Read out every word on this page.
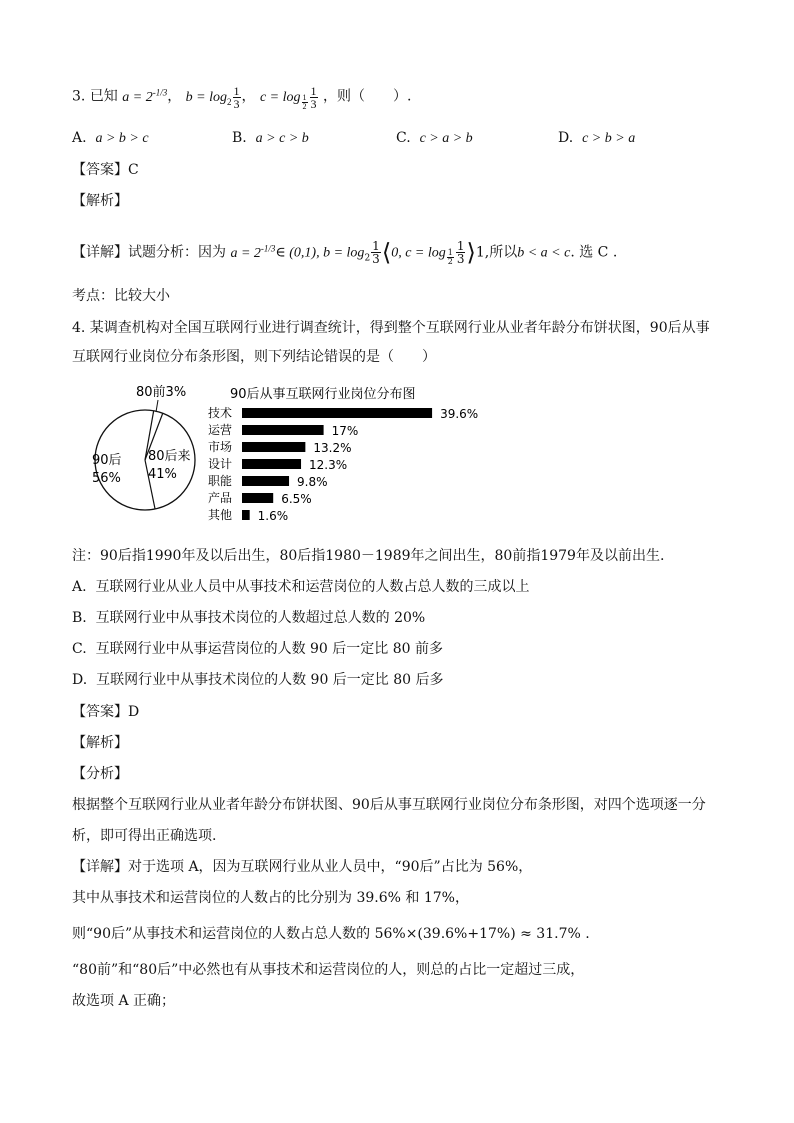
3. 已知 $a = 2^{-1/3}$， $b = \log_2 \frac{1}{3}$ ， $c = \log _{\frac{1}{2}} \frac{1}{3}$ ，则（　　）.
A. a > b > c	B. a > c > b	C. c > a > b	D. c > b > a
【答案】C
【解析】
【详解】试题分析：因为 $a = 2^{-1/3}\in$ (0,1), $b = \log_2 \frac{1}{3}$ ⟨0, $c = \log _{\frac{1}{2}} \frac{1}{3}$ ⟩1,所以b < a < c. 选 C .
考点：比较大小
4. 某调查机构对全国互联网行业进行调查统计，得到整个互联网行业从业者年龄分布饼状图，90后从事
互联网行业岗位分布条形图，则下列结论错误的是（　　）
90后
56%
80后来
41%
80前3%	90后从事互联网行业岗位分布图
技术	39.6%
运营	17%
市场	13.2%
设计	12.3%
职能	9.8%
产品	6.5%
其他 1.6%
注：90后指1990年及以后出生，80后指1980－1989年之间出生，80前指1979年及以前出生.
A. 互联网行业从业人员中从事技术和运营岗位的人数占总人数的三成以上
B. 互联网行业中从事技术岗位的人数超过总人数的 20%
C. 互联网行业中从事运营岗位的人数 90 后一定比 80 前多
D. 互联网行业中从事技术岗位的人数 90 后一定比 80 后多
【答案】D
【解析】
【分析】
根据整个互联网行业从业者年龄分布饼状图、90后从事互联网行业岗位分布条形图，对四个选项逐一分
析，即可得出正确选项.
【详解】对于选项 A，因为互联网行业从业人员中，“90后”占比为 56%，
其中从事技术和运营岗位的人数占的比分别为 39.6% 和 17%，
则“90后”从事技术和运营岗位的人数占总人数的 56%×(39.6%+17%) ≈ 31.7% .
“80前”和“80后”中必然也有从事技术和运营岗位的人，则总的占比一定超过三成，
故选项 A 正确；
